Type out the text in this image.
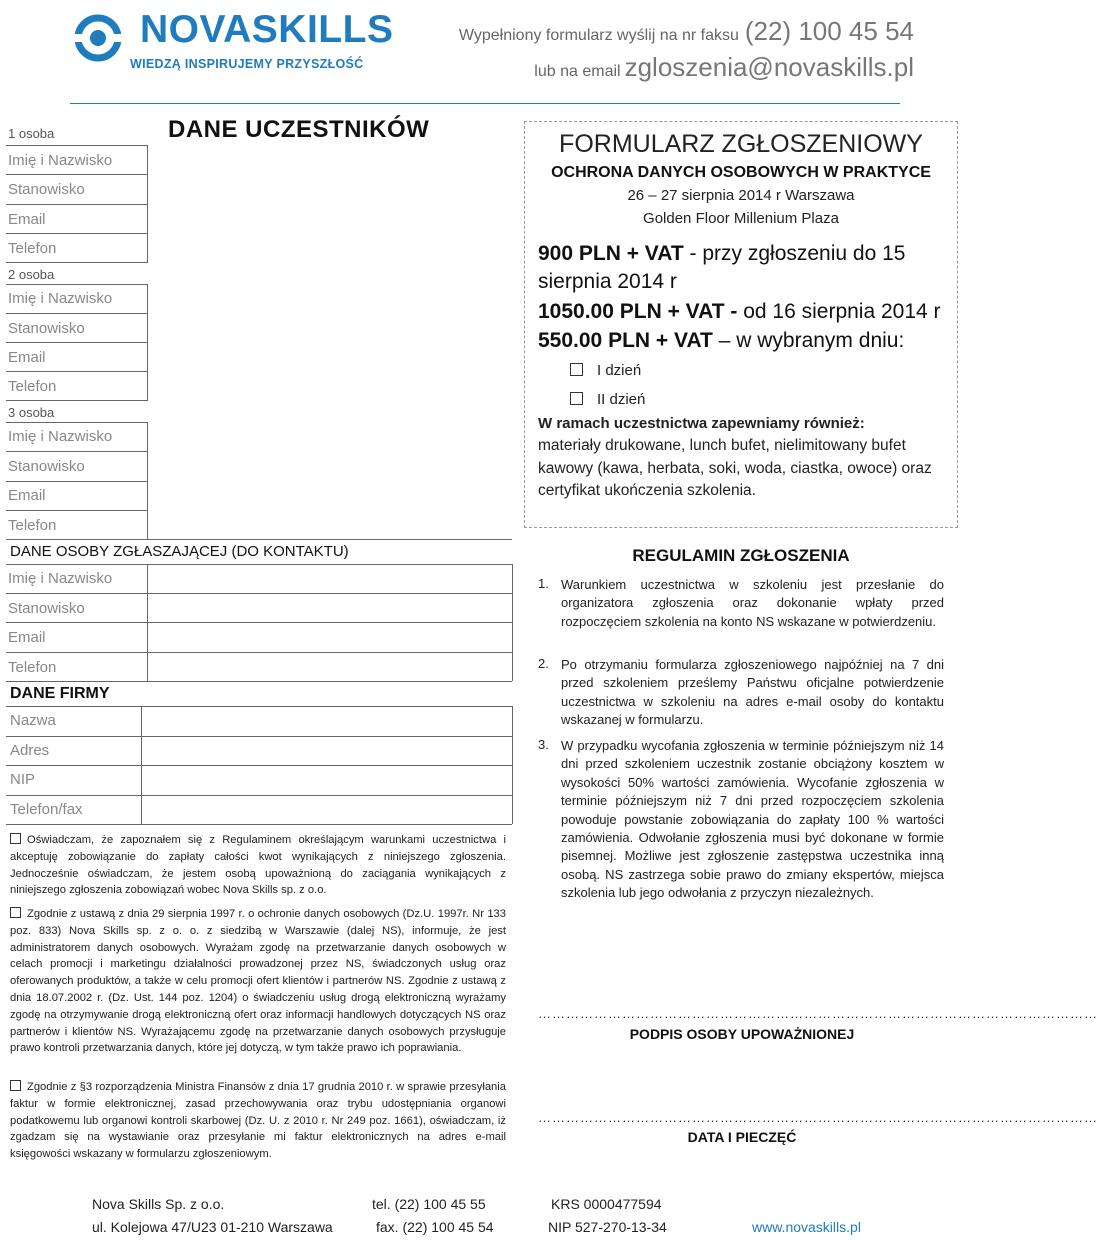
NOVASKILLS
WIEDZĄ INSPIRUJEMY PRZYSZŁOŚĆ
Wypełniony formularz wyślij na nr faksu (22) 100 45 54
lub na email zgloszenia@novaskills.pl
DANE UCZESTNIKÓW
1 osoba
Imię i Nazwisko
Stanowisko
Email
Telefon
2 osoba
Imię i Nazwisko
Stanowisko
Email
Telefon
3 osoba
Imię i Nazwisko
Stanowisko
Email
Telefon
DANE OSOBY ZGŁASZAJĄCEJ (DO KONTAKTU)
Imię i Nazwisko
Stanowisko
Email
Telefon
DANE FIRMY
Nazwa
Adres
NIP
Telefon/fax
Oświadczam, że zapoznałem się z Regulaminem określającym warunkami uczestnictwa i akceptuję zobowiązanie do zapłaty całości kwot wynikających z niniejszego zgłoszenia. Jednocześnie oświadczam, że jestem osobą upoważnioną do zaciągania wynikających z niniejszego zgłoszenia zobowiązań wobec Nova Skills sp. z o.o.
Zgodnie z ustawą z dnia 29 sierpnia 1997 r. o ochronie danych osobowych (Dz.U. 1997r. Nr 133 poz. 833) Nova Skills sp. z o. o. z siedzibą w Warszawie (dalej NS), informuje, że jest administratorem danych osobowych. Wyrażam zgodę na przetwarzanie danych osobowych w celach promocji i marketingu działalności prowadzonej przez NS, świadczonych usług oraz oferowanych produktów, a także w celu promocji ofert klientów i partnerów NS. Zgodnie z ustawą z dnia 18.07.2002 r. (Dz. Ust. 144 poz. 1204) o świadczeniu usług drogą elektroniczną wyrażamy zgodę na otrzymywanie drogą elektroniczną ofert oraz informacji handlowych dotyczących NS oraz partnerów i klientów NS. Wyrażającemu zgodę na przetwarzanie danych osobowych przysługuje prawo kontroli przetwarzania danych, które jej dotyczą, w tym także prawo ich poprawiania.
Zgodnie z §3 rozporządzenia Ministra Finansów z dnia 17 grudnia 2010 r. w sprawie przesyłania faktur w formie elektronicznej, zasad przechowywania oraz trybu udostępniania organowi podatkowemu lub organowi kontroli skarbowej (Dz. U. z 2010 r. Nr 249 poz. 1661), oświadczam, iż zgadzam się na wystawianie oraz przesyłanie mi faktur elektronicznych na adres e-mail księgowości wskazany w formularzu zgłoszeniowym.
FORMULARZ ZGŁOSZENIOWY
OCHRONA DANYCH OSOBOWYCH W PRAKTYCE
26 – 27 sierpnia 2014 r Warszawa
Golden Floor Millenium Plaza
900 PLN + VAT - przy zgłoszeniu do 15 sierpnia 2014 r
1050.00 PLN + VAT - od 16 sierpnia 2014 r
550.00 PLN + VAT – w wybranym dniu:
I dzień
II dzień
W ramach uczestnictwa zapewniamy również:
materiały drukowane, lunch bufet, nielimitowany bufet kawowy (kawa, herbata, soki, woda, ciastka, owoce) oraz certyfikat ukończenia szkolenia.
REGULAMIN ZGŁOSZENIA
1. Warunkiem uczestnictwa w szkoleniu jest przesłanie do organizatora zgłoszenia oraz dokonanie wpłaty przed rozpoczęciem szkolenia na konto NS wskazane w potwierdzeniu.
2. Po otrzymaniu formularza zgłoszeniowego najpóźniej na 7 dni przed szkoleniem prześlemy Państwu oficjalne potwierdzenie uczestnictwa w szkoleniu na adres e-mail osoby do kontaktu wskazanej w formularzu.
3. W przypadku wycofania zgłoszenia w terminie późniejszym niż 14 dni przed szkoleniem uczestnik zostanie obciążony kosztem w wysokości 50% wartości zamówienia. Wycofanie zgłoszenia w terminie późniejszym niż 7 dni przed rozpoczęciem szkolenia powoduje powstanie zobowiązania do zapłaty 100 % wartości zamówienia. Odwołanie zgłoszenia musi być dokonane w formie pisemnej. Możliwe jest zgłoszenie zastępstwa uczestnika inną osobą. NS zastrzega sobie prawo do zmiany ekspertów, miejsca szkolenia lub jego odwołania z przyczyn niezależnych.
…………………………………………………………………………………………………………
PODPIS OSOBY UPOWAŻNIONEJ
…………………………………………………………………………………………………………
DATA I PIECZĘĆ
Nova Skills Sp. z o.o.
ul. Kolejowa 47/U23 01-210 Warszawa
tel. (22) 100 45 55
fax. (22) 100 45 54
KRS 0000477594
NIP 527-270-13-34	www.novaskills.pl
